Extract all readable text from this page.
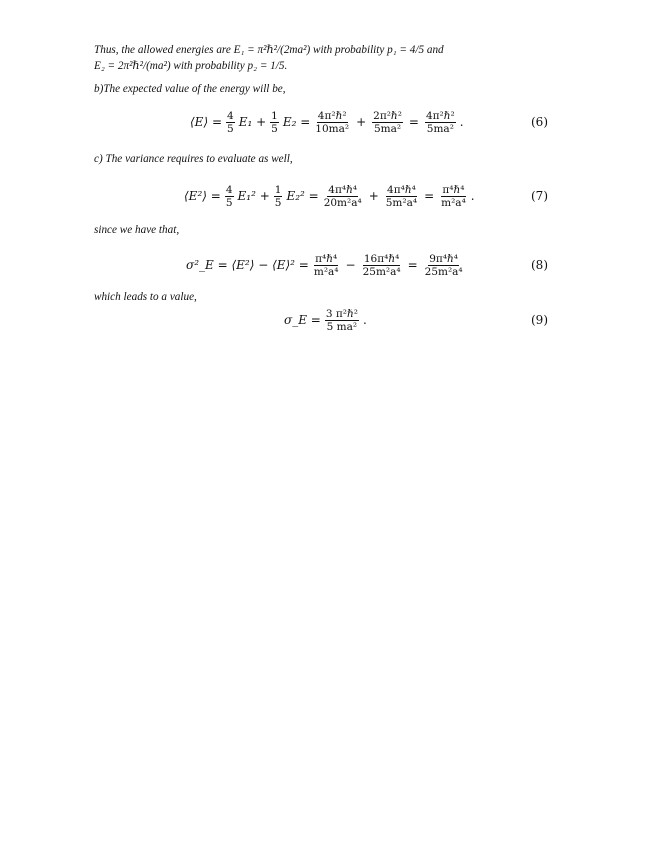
Thus, the allowed energies are E₁ = π²ℏ²/(2ma²) with probability p₁ = 4/5 and
E₂ = 2π²ℏ²/(ma²) with probability p₂ = 1/5.
b)The expected value of the energy will be,
⟨E⟩ = $\frac{4}{5} E_1 + \frac{1}{5} E_2 = \frac{\text{4π²ℏ²}}{\text{10ma²}} + \frac{\text{2π²ℏ²}}{\text{5ma²}} = \frac{\text{4π²ℏ²}}{\text{5ma²}}$ .	(6)
c) The variance requires to evaluate as well,
⟨E²⟩ = $\frac{4}{5} E_1^2 + \frac{1}{5} E_2^2 = \frac{\text{4π⁴ℏ⁴}}{\text{20m²a⁴}} + \frac{\text{4π⁴ℏ⁴}}{\text{5m²a⁴}} = \frac{\text{π⁴ℏ⁴}}{\text{m²a⁴}}$ .	(7)
since we have that,
σ²_E = ⟨E²⟩ − ⟨E⟩² = $\frac{\text{π⁴ℏ⁴}}{\text{m²a⁴}} - \frac{\text{16π⁴ℏ⁴}}{\text{25m²a⁴}} = \frac{\text{9π⁴ℏ⁴}}{\text{25m²a⁴}}$	(8)
which leads to a value,
σ_E = $\frac{\text{3 π²ℏ²}}{\text{5 ma²}}$ .	(9)
